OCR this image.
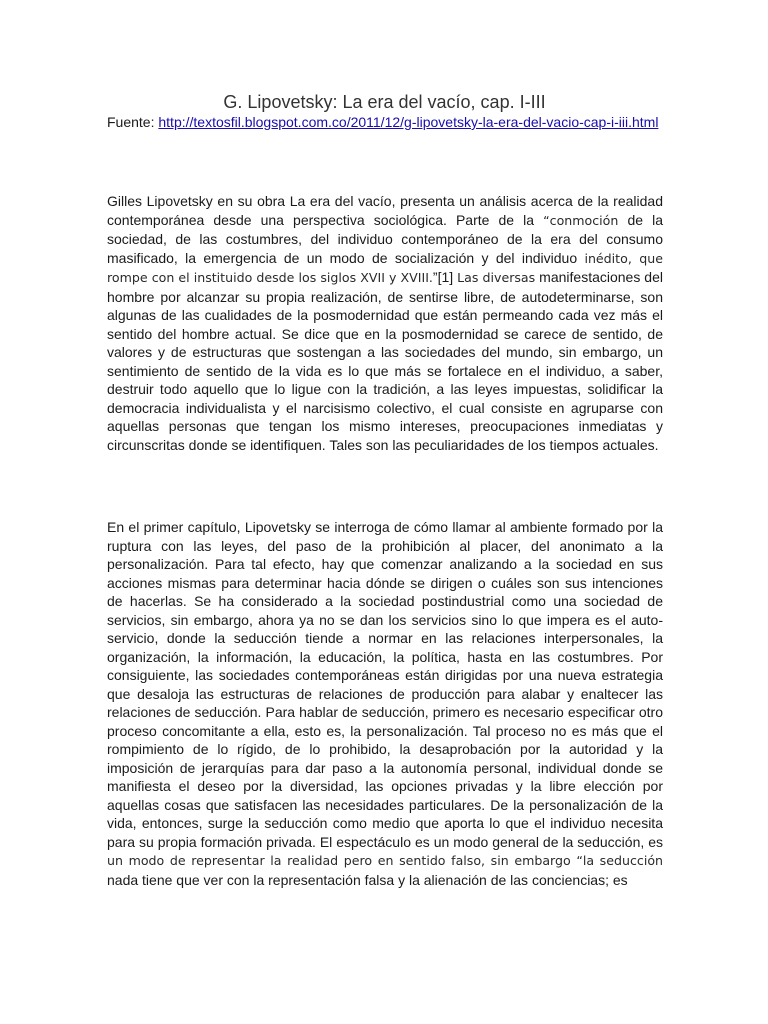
G. Lipovetsky: La era del vacío, cap. I-III
Fuente: http://textosfil.blogspot.com.co/2011/12/g-lipovetsky-la-era-del-vacio-cap-i-iii.html

Gilles Lipovetsky en su obra La era del vacío, presenta un análisis acerca de la realidad contemporánea desde una perspectiva sociológica. Parte de la “conmoción de la sociedad, de las costumbres, del individuo contemporáneo de la era del consumo masificado, la emergencia de un modo de socialización y del individuo inédito, que rompe con el instituido desde los siglos XVII y XVIII.”[1] Las diversas manifestaciones del hombre por alcanzar su propia realización, de sentirse libre, de autodeterminarse, son algunas de las cualidades de la posmodernidad que están permeando cada vez más el sentido del hombre actual. Se dice que en la posmodernidad se carece de sentido, de valores y de estructuras que sostengan a las sociedades del mundo, sin embargo, un sentimiento de sentido de la vida es lo que más se fortalece en el individuo, a saber, destruir todo aquello que lo ligue con la tradición, a las leyes impuestas, solidificar la democracia individualista y el narcisismo colectivo, el cual consiste en agruparse con aquellas personas que tengan los mismo intereses, preocupaciones inmediatas y circunscritas donde se identifiquen. Tales son las peculiaridades de los tiempos actuales.

En el primer capítulo, Lipovetsky se interroga de cómo llamar al ambiente formado por la ruptura con las leyes, del paso de la prohibición al placer, del anonimato a la personalización. Para tal efecto, hay que comenzar analizando a la sociedad en sus acciones mismas para determinar hacia dónde se dirigen o cuáles son sus intenciones de hacerlas. Se ha considerado a la sociedad postindustrial como una sociedad de servicios, sin embargo, ahora ya no se dan los servicios sino lo que impera es el auto-servicio, donde la seducción tiende a normar en las relaciones interpersonales, la organización, la información, la educación, la política, hasta en las costumbres. Por consiguiente, las sociedades contemporáneas están dirigidas por una nueva estrategia que desaloja las estructuras de relaciones de producción para alabar y enaltecer las relaciones de seducción. Para hablar de seducción, primero es necesario especificar otro proceso concomitante a ella, esto es, la personalización. Tal proceso no es más que el rompimiento de lo rígido, de lo prohibido, la desaprobación por la autoridad y la imposición de jerarquías para dar paso a la autonomía personal, individual donde se manifiesta el deseo por la diversidad, las opciones privadas y la libre elección por aquellas cosas que satisfacen las necesidades particulares. De la personalización de la vida, entonces, surge la seducción como medio que aporta lo que el individuo necesita para su propia formación privada. El espectáculo es un modo general de la seducción, es un modo de representar la realidad pero en sentido falso, sin embargo “la seducción nada tiene que ver con la representación falsa y la alienación de las conciencias; es
